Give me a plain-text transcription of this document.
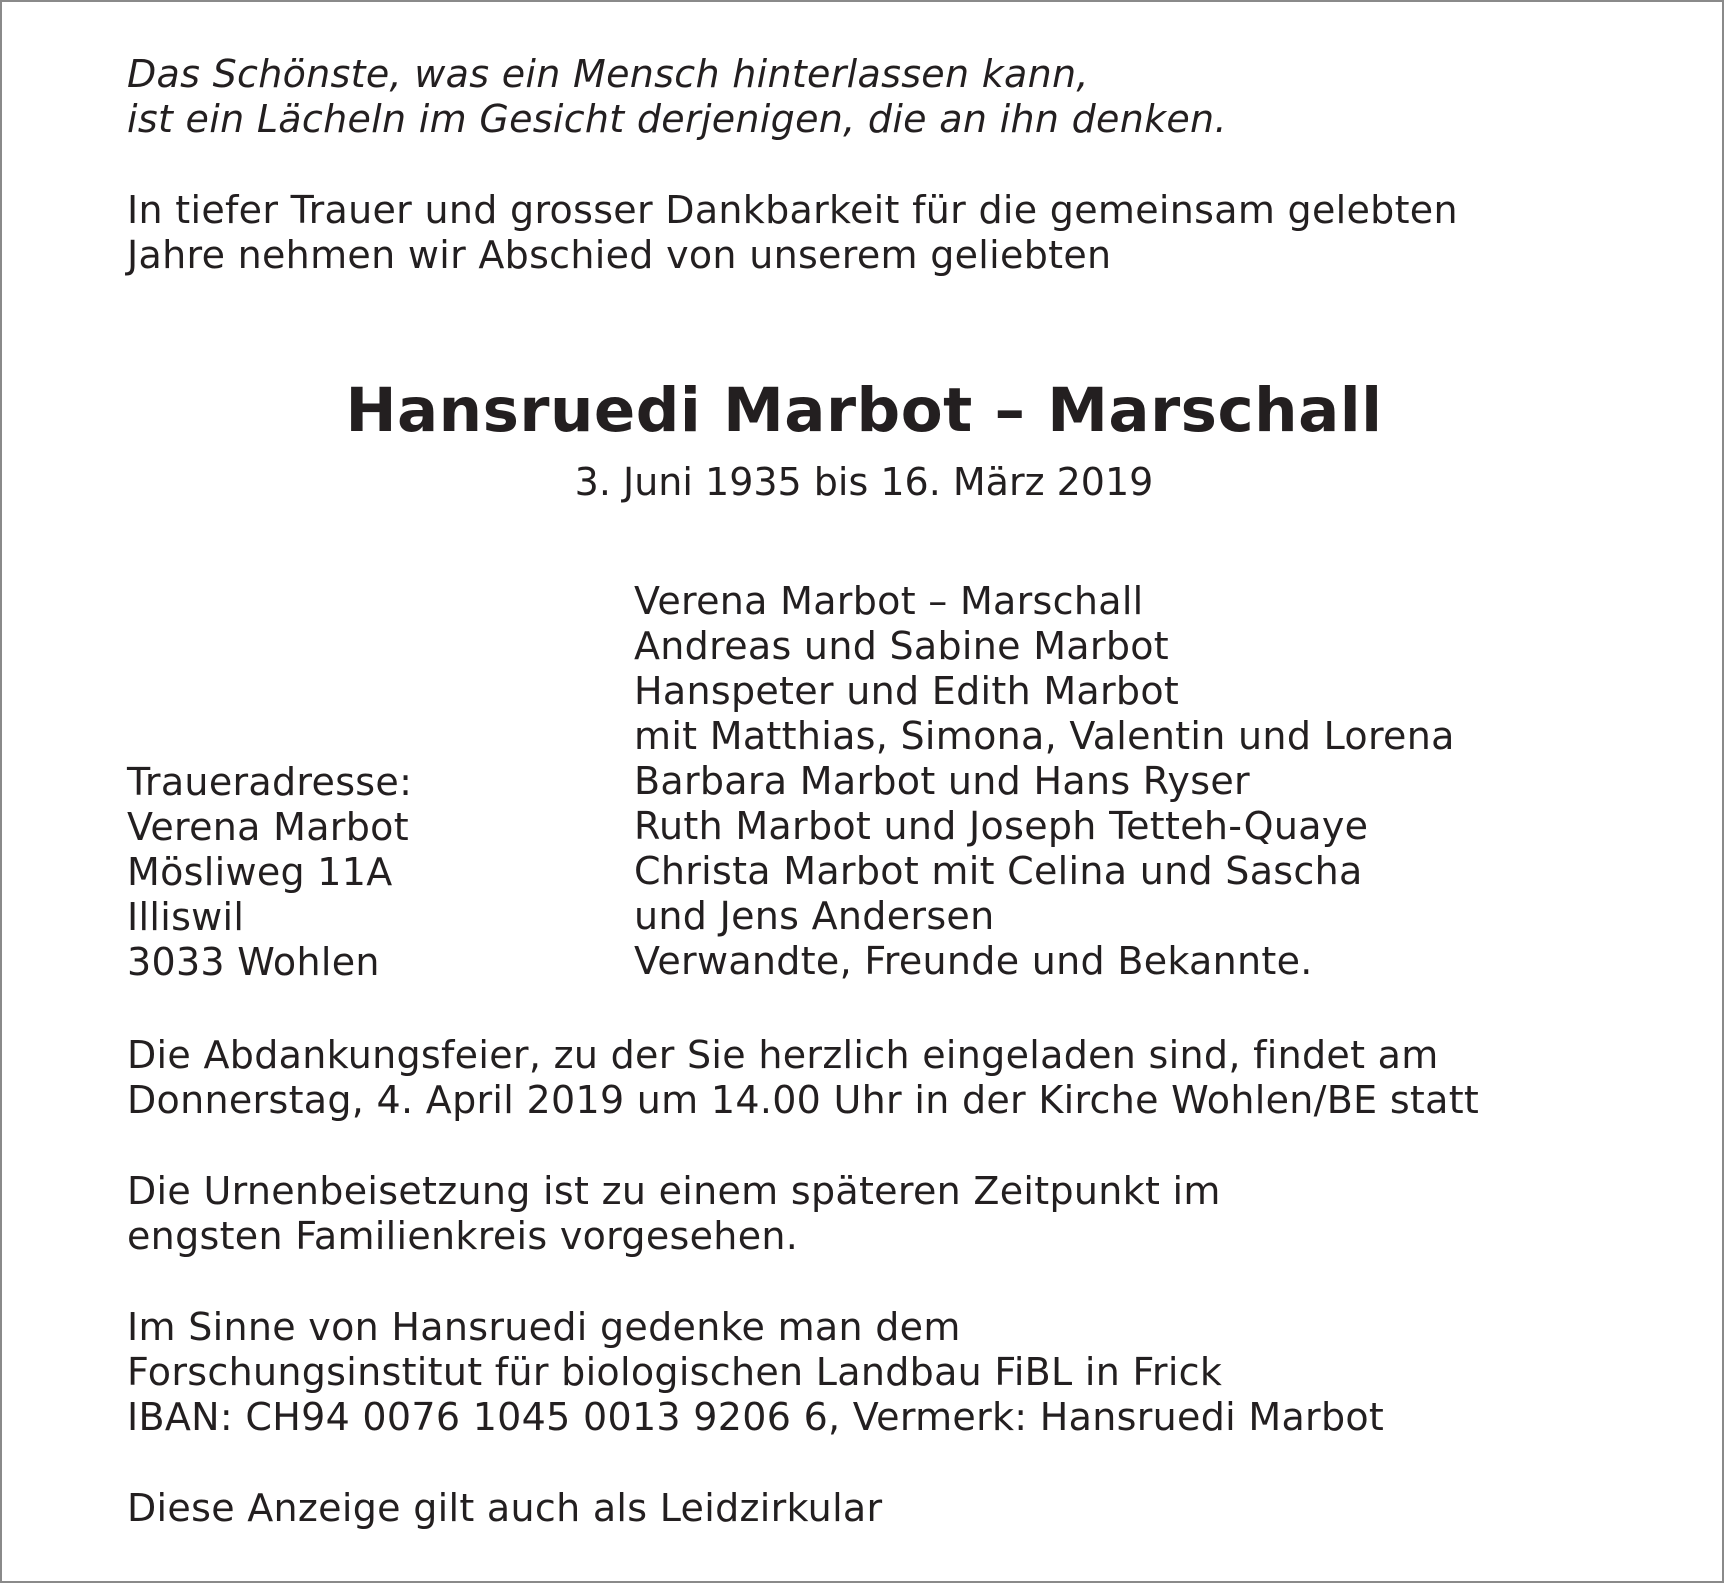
Das Schönste, was ein Mensch hinterlassen kann,
ist ein Lächeln im Gesicht derjenigen, die an ihn denken.
In tiefer Trauer und grosser Dankbarkeit für die gemeinsam gelebten
Jahre nehmen wir Abschied von unserem geliebten
Hansruedi Marbot – Marschall
3. Juni 1935 bis 16. März 2019
Verena Marbot – Marschall
Andreas und Sabine Marbot
Hanspeter und Edith Marbot
mit Matthias, Simona, Valentin und Lorena
Barbara Marbot und Hans Ryser
Ruth Marbot und Joseph Tetteh-Quaye
Christa Marbot mit Celina und Sascha
und Jens Andersen
Verwandte, Freunde und Bekannte.
Traueradresse:
Verena Marbot
Mösliweg 11A
Illiswil
3033 Wohlen
Die Abdankungsfeier, zu der Sie herzlich eingeladen sind, findet am
Donnerstag, 4. April 2019 um 14.00 Uhr in der Kirche Wohlen/BE statt
Die Urnenbeisetzung ist zu einem späteren Zeitpunkt im
engsten Familienkreis vorgesehen.
Im Sinne von Hansruedi gedenke man dem
Forschungsinstitut für biologischen Landbau FiBL in Frick
IBAN: CH94 0076 1045 0013 9206 6, Vermerk: Hansruedi Marbot
Diese Anzeige gilt auch als Leidzirkular
